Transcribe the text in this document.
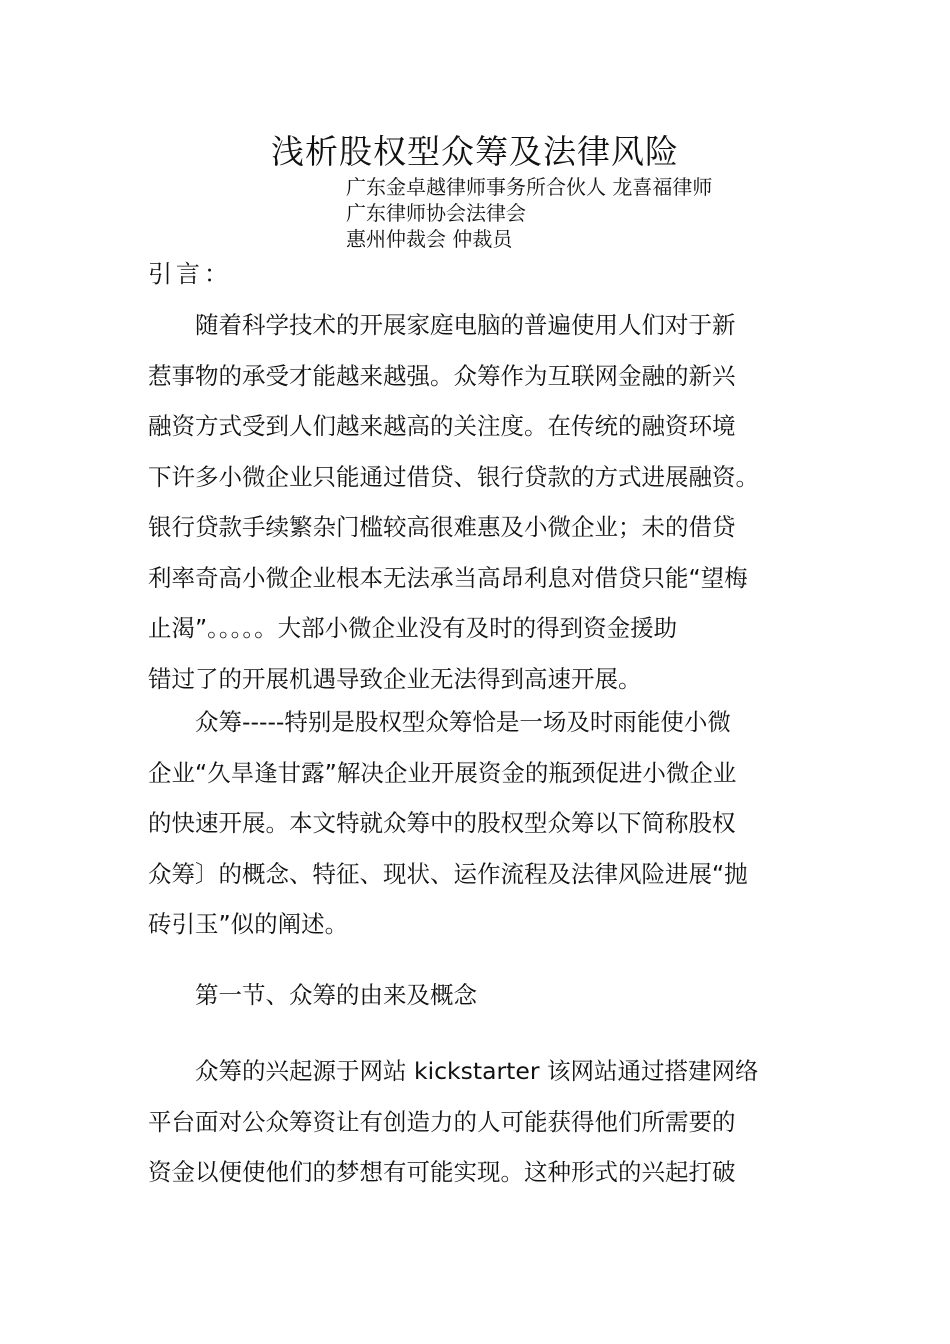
浅析股权型众筹及法律风险
广东金卓越律师事务所合伙人 龙喜福律师
广东律师协会法律会
惠州仲裁会 仲裁员
引言：
随着科学技术的开展家庭电脑的普遍使用人们对于新
惹事物的承受才能越来越强。众筹作为互联网金融的新兴
融资方式受到人们越来越高的关注度。在传统的融资环境
下许多小微企业只能通过借贷、银行贷款的方式进展融资。
银行贷款手续繁杂门槛较高很难惠及小微企业；未的借贷
利率奇高小微企业根本无法承当高昂利息对借贷只能“望梅
止渴”。。。。。大部小微企业没有及时的得到资金援助
错过了的开展机遇导致企业无法得到高速开展。
众筹-----特别是股权型众筹恰是一场及时雨能使小微
企业“久旱逢甘露”解决企业开展资金的瓶颈促进小微企业
的快速开展。本文特就众筹中的股权型众筹以下简称股权
众筹〕的概念、特征、现状、运作流程及法律风险进展“抛
砖引玉”似的阐述。
第一节、众筹的由来及概念
众筹的兴起源于网站 kickstarter 该网站通过搭建网络
平台面对公众筹资让有创造力的人可能获得他们所需要的
资金以便使他们的梦想有可能实现。这种形式的兴起打破
